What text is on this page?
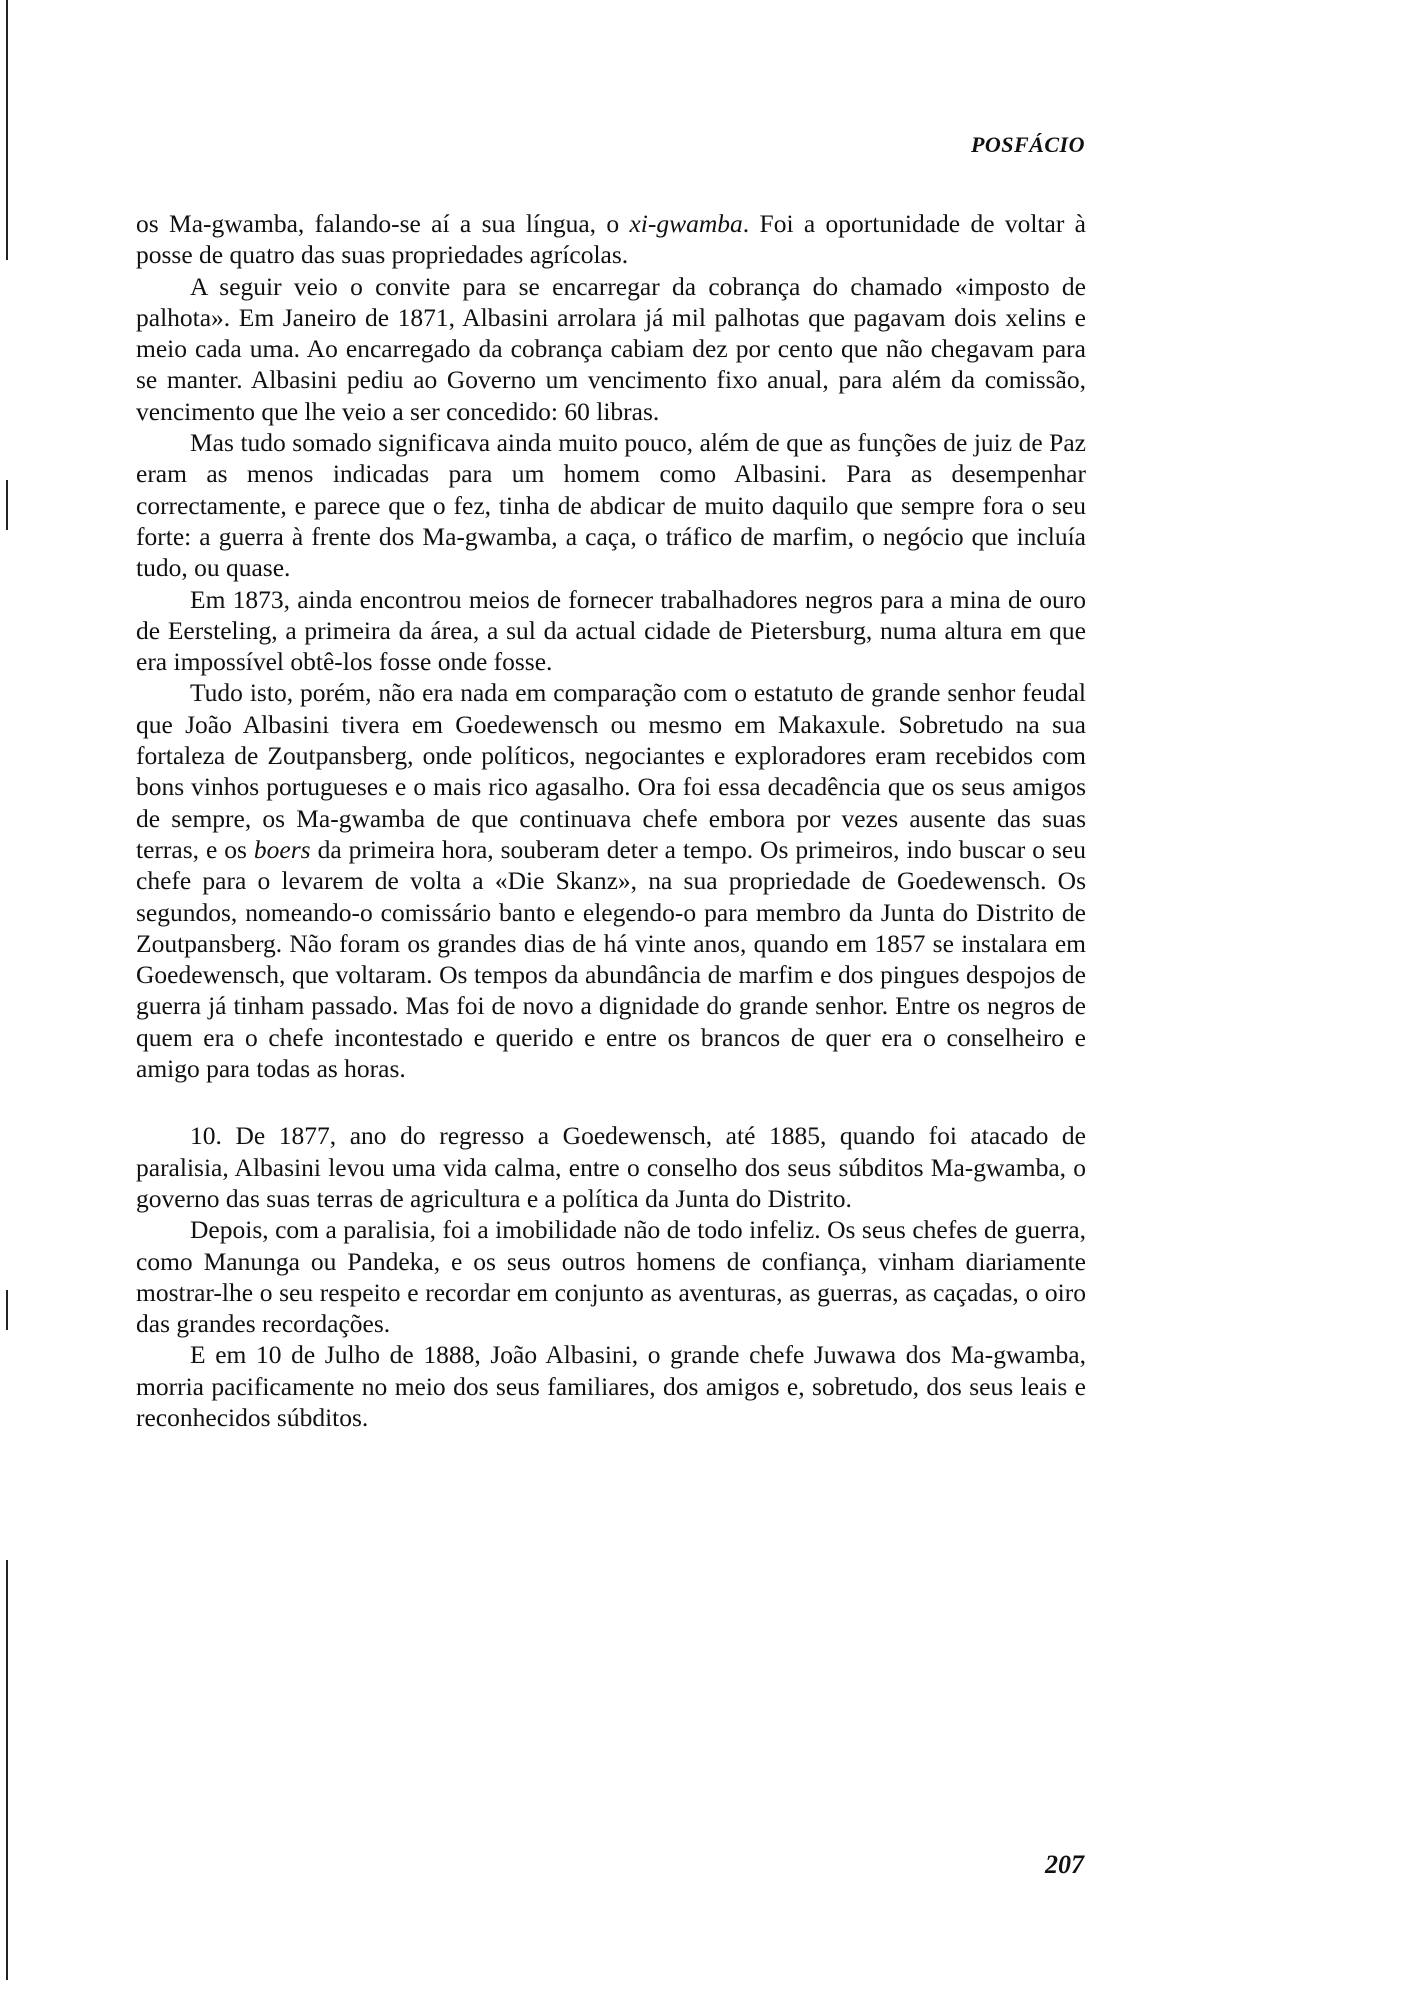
POSFÁCIO

os Ma-gwamba, falando-se aí a sua língua, o xi-gwamba. Foi a oportunidade de voltar à posse de quatro das suas propriedades agrícolas.

A seguir veio o convite para se encarregar da cobrança do chamado «imposto de palhota». Em Janeiro de 1871, Albasini arrolara já mil palhotas que pagavam dois xelins e meio cada uma. Ao encarregado da cobrança cabiam dez por cento que não chegavam para se manter. Albasini pediu ao Governo um vencimento fixo anual, para além da comissão, vencimento que lhe veio a ser concedido: 60 libras.

Mas tudo somado significava ainda muito pouco, além de que as funções de juiz de Paz eram as menos indicadas para um homem como Albasini. Para as desempenhar correctamente, e parece que o fez, tinha de abdicar de muito daquilo que sempre fora o seu forte: a guerra à frente dos Ma-gwamba, a caça, o tráfico de marfim, o negócio que incluía tudo, ou quase.

Em 1873, ainda encontrou meios de fornecer trabalhadores negros para a mina de ouro de Eersteling, a primeira da área, a sul da actual cidade de Pietersburg, numa altura em que era impossível obtê-los fosse onde fosse.

Tudo isto, porém, não era nada em comparação com o estatuto de grande senhor feudal que João Albasini tivera em Goedewensch ou mesmo em Makaxule. Sobretudo na sua fortaleza de Zoutpansberg, onde políticos, negociantes e exploradores eram recebidos com bons vinhos portugueses e o mais rico agasalho. Ora foi essa decadência que os seus amigos de sempre, os Ma-gwamba de que continuava chefe embora por vezes ausente das suas terras, e os boers da primeira hora, souberam deter a tempo. Os primeiros, indo buscar o seu chefe para o levarem de volta a «Die Skanz», na sua propriedade de Goedewensch. Os segundos, nomeando-o comissário banto e elegendo-o para membro da Junta do Distrito de Zoutpansberg. Não foram os grandes dias de há vinte anos, quando em 1857 se instalara em Goedewensch, que voltaram. Os tempos da abundância de marfim e dos pingues despojos de guerra já tinham passado. Mas foi de novo a dignidade do grande senhor. Entre os negros de quem era o chefe incontestado e querido e entre os brancos de quer era o conselheiro e amigo para todas as horas.

10. De 1877, ano do regresso a Goedewensch, até 1885, quando foi atacado de paralisia, Albasini levou uma vida calma, entre o conselho dos seus súbditos Ma-gwamba, o governo das suas terras de agricultura e a política da Junta do Distrito.

Depois, com a paralisia, foi a imobilidade não de todo infeliz. Os seus chefes de guerra, como Manunga ou Pandeka, e os seus outros homens de confiança, vinham diariamente mostrar-lhe o seu respeito e recordar em conjunto as aventuras, as guerras, as caçadas, o oiro das grandes recordações.

E em 10 de Julho de 1888, João Albasini, o grande chefe Juwawa dos Ma-gwamba, morria pacificamente no meio dos seus familiares, dos amigos e, sobretudo, dos seus leais e reconhecidos súbditos.

207
